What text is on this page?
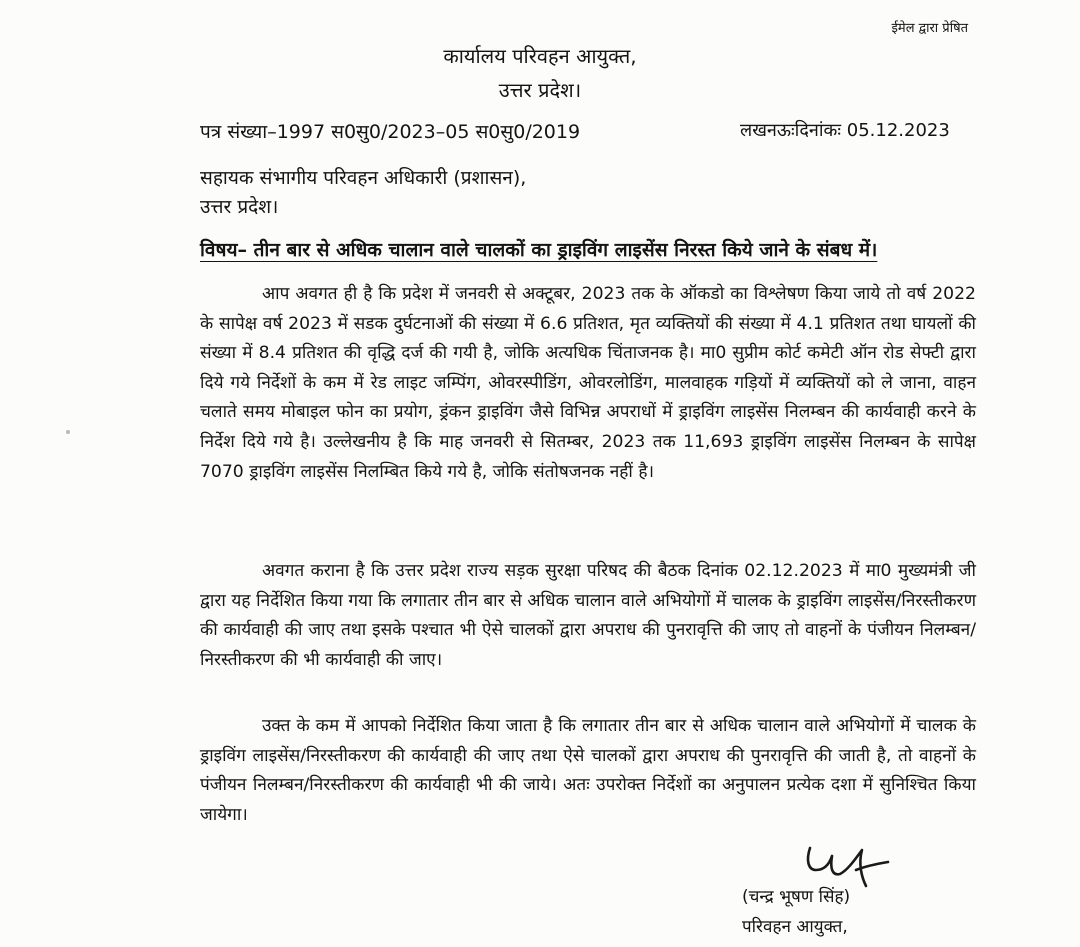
ईमेल द्वारा प्रेषित
कार्यालय परिवहन आयुक्त,
उत्तर प्रदेश।
पत्र संख्या–1997 स0सु0/2023–05 स0सु0/2019	लखनऊःदिनांकः 05.12.2023
सहायक संभागीय परिवहन अधिकारी (प्रशासन),
उत्तर प्रदेश।
विषय– तीन बार से अधिक चालान वाले चालकों का ड्राइविंग लाइसेंस निरस्त किये जाने के संबध में।

आप अवगत ही है कि प्रदेश में जनवरी से अक्टूबर, 2023 तक के ऑकडो का विश्लेषण किया जाये तो वर्ष 2022 के सापेक्ष वर्ष 2023 में सडक दुर्घटनाओं की संख्या में 6.6 प्रतिशत, मृत व्यक्तियों की संख्या में 4.1 प्रतिशत तथा घायलों की संख्या में 8.4 प्रतिशत की वृद्धि दर्ज की गयी है, जोकि अत्यधिक चिंताजनक है। मा0 सुप्रीम कोर्ट कमेटी ऑन रोड सेफ्टी द्वारा दिये गये निर्देशों के कम में रेड लाइट जम्पिंग, ओवरस्पीडिंग, ओवरलोडिंग, मालवाहक गड़ियों में व्यक्तियों को ले जाना, वाहन चलाते समय मोबाइल फोन का प्रयोग, ड्रंकन ड्राइविंग जैसे विभिन्न अपराधों में ड्राइविंग लाइसेंस निलम्बन की कार्यवाही करने के निर्देश दिये गये है। उल्लेखनीय है कि माह जनवरी से सितम्बर, 2023 तक 11,693 ड्राइविंग लाइसेंस निलम्बन के सापेक्ष 7070 ड्राइविंग लाइसेंस निलम्बित किये गये है, जोकि संतोषजनक नहीं है।

अवगत कराना है कि उत्तर प्रदेश राज्य सड़क सुरक्षा परिषद की बैठक दिनांक 02.12.2023 में मा0 मुख्यमंत्री जी द्वारा यह निर्देशित किया गया कि लगातार तीन बार से अधिक चालान वाले अभियोगों में चालक के ड्राइविंग लाइसेंस/निरस्तीकरण की कार्यवाही की जाए तथा इसके पश्चात भी ऐसे चालकों द्वारा अपराध की पुनरावृत्ति की जाए तो वाहनों के पंजीयन निलम्बन/निरस्तीकरण की भी कार्यवाही की जाए।

उक्त के कम में आपको निर्देशित किया जाता है कि लगातार तीन बार से अधिक चालान वाले अभियोगों में चालक के ड्राइविंग लाइसेंस/निरस्तीकरण की कार्यवाही की जाए तथा ऐसे चालकों द्वारा अपराध की पुनरावृत्ति की जाती है, तो वाहनों के पंजीयन निलम्बन/निरस्तीकरण की कार्यवाही भी की जाये। अतः उपरोक्त निर्देशों का अनुपालन प्रत्येक दशा में सुनिश्चित किया जायेगा।

(चन्द्र भूषण सिंह)
परिवहन आयुक्त,
